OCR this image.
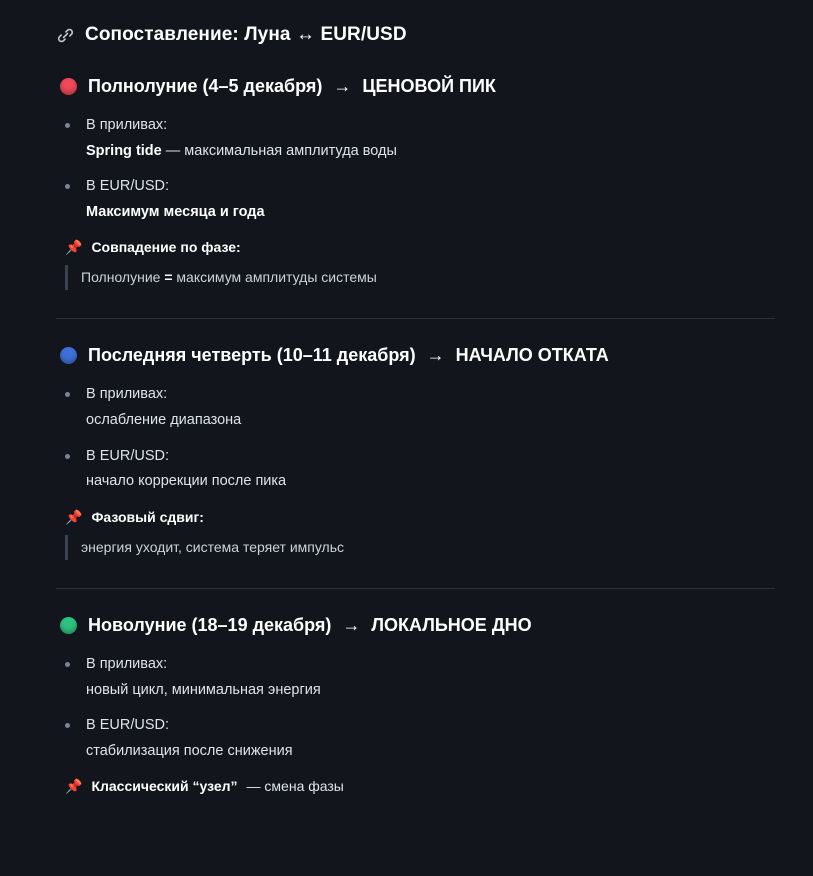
Сопоставление: Луна ↔ EUR/USD
Полнолуние (4–5 декабря) → ЦЕНОВОЙ ПИК
В приливах:
Spring tide — максимальная амплитуда воды
В EUR/USD:
Максимум месяца и года
📌 Совпадение по фазе:
Полнолуние = максимум амплитуды системы
Последняя четверть (10–11 декабря) → НАЧАЛО ОТКАТА
В приливах:
ослабление диапазона
В EUR/USD:
начало коррекции после пика
📌 Фазовый сдвиг:
энергия уходит, система теряет импульс
Новолуние (18–19 декабря) → ЛОКАЛЬНОЕ ДНО
В приливах:
новый цикл, минимальная энергия
В EUR/USD:
стабилизация после снижения
📌 Классический “узел” — смена фазы
